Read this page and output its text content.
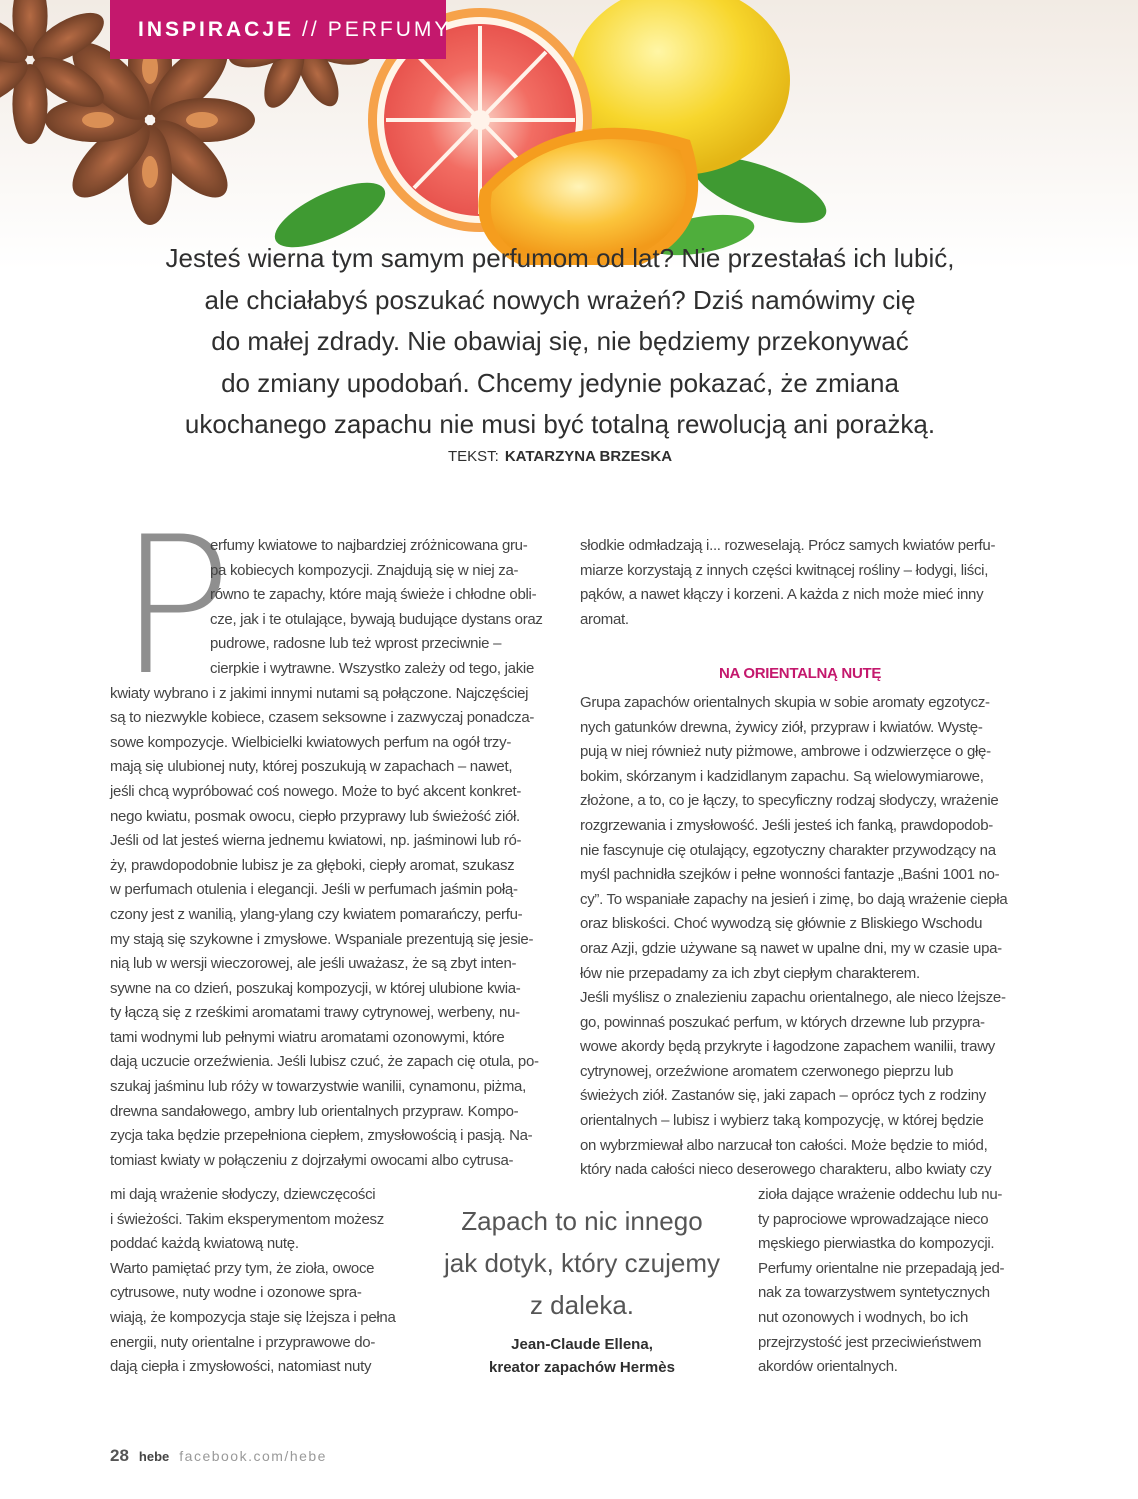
INSPIRACJE // PERFUMY
Jesteś wierna tym samym perfumom od lat? Nie przestałaś ich lubić,
ale chciałabyś poszukać nowych wrażeń? Dziś namówimy cię
do małej zdrady. Nie obawiaj się, nie będziemy przekonywać
do zmiany upodobań. Chcemy jedynie pokazać, że zmiana
ukochanego zapachu nie musi być totalną rewolucją ani porażką.
TEKST: KATARZYNA BRZESKA
P
erfumy kwiatowe to najbardziej zróżnicowana gru-
pa kobiecych kompozycji. Znajdują się w niej za-
równo te zapachy, które mają świeże i chłodne obli-
cze, jak i te otulające, bywają budujące dystans oraz
pudrowe, radosne lub też wprost przeciwnie –
cierpkie i wytrawne. Wszystko zależy od tego, jakie
kwiaty wybrano i z jakimi innymi nutami są połączone. Najczęściej
są to niezwykle kobiece, czasem seksowne i zazwyczaj ponadcza-
sowe kompozycje. Wielbicielki kwiatowych perfum na ogół trzy-
mają się ulubionej nuty, której poszukują w zapachach – nawet,
jeśli chcą wypróbować coś nowego. Może to być akcent konkret-
nego kwiatu, posmak owocu, ciepło przyprawy lub świeżość ziół.
Jeśli od lat jesteś wierna jednemu kwiatowi, np. jaśminowi lub ró-
ży, prawdopodobnie lubisz je za głęboki, ciepły aromat, szukasz
w perfumach otulenia i elegancji. Jeśli w perfumach jaśmin połą-
czony jest z wanilią, ylang-ylang czy kwiatem pomarańczy, perfu-
my stają się szykowne i zmysłowe. Wspaniale prezentują się jesie-
nią lub w wersji wieczorowej, ale jeśli uważasz, że są zbyt inten-
sywne na co dzień, poszukaj kompozycji, w której ulubione kwia-
ty łączą się z rześkimi aromatami trawy cytrynowej, werbeny, nu-
tami wodnymi lub pełnymi wiatru aromatami ozonowymi, które
dają uczucie orzeźwienia. Jeśli lubisz czuć, że zapach cię otula, po-
szukaj jaśminu lub róży w towarzystwie wanilii, cynamonu, piżma,
drewna sandałowego, ambry lub orientalnych przypraw. Kompo-
zycja taka będzie przepełniona ciepłem, zmysłowością i pasją. Na-
tomiast kwiaty w połączeniu z dojrzałymi owocami albo cytrusa-
mi dają wrażenie słodyczy, dziewczęcości
i świeżości. Takim eksperymentom możesz
poddać każdą kwiatową nutę.
Warto pamiętać przy tym, że zioła, owoce
cytrusowe, nuty wodne i ozonowe spra-
wiają, że kompozycja staje się lżejsza i pełna
energii, nuty orientalne i przyprawowe do-
dają ciepła i zmysłowości, natomiast nuty
słodkie odmładzają i... rozweselają. Prócz samych kwiatów perfu-
miarze korzystają z innych części kwitnącej rośliny – łodygi, liści,
pąków, a nawet kłączy i korzeni. A każda z nich może mieć inny
aromat.
NA ORIENTALNĄ NUTĘ
Grupa zapachów orientalnych skupia w sobie aromaty egzotycz-
nych gatunków drewna, żywicy ziół, przypraw i kwiatów. Wystę-
pują w niej również nuty piżmowe, ambrowe i odzwierzęce o głę-
bokim, skórzanym i kadzidlanym zapachu. Są wielowymiarowe,
złożone, a to, co je łączy, to specyficzny rodzaj słodyczy, wrażenie
rozgrzewania i zmysłowość. Jeśli jesteś ich fanką, prawdopodob-
nie fascynuje cię otulający, egzotyczny charakter przywodzący na
myśl pachnidła szejków i pełne wonności fantazje „Baśni 1001 no-
cy”. To wspaniałe zapachy na jesień i zimę, bo dają wrażenie ciepła
oraz bliskości. Choć wywodzą się głównie z Bliskiego Wschodu
oraz Azji, gdzie używane są nawet w upalne dni, my w czasie upa-
łów nie przepadamy za ich zbyt ciepłym charakterem.
Jeśli myślisz o znalezieniu zapachu orientalnego, ale nieco lżejsze-
go, powinnaś poszukać perfum, w których drzewne lub przypra-
wowe akordy będą przykryte i łagodzone zapachem wanilii, trawy
cytrynowej, orzeźwione aromatem czerwonego pieprzu lub
świeżych ziół. Zastanów się, jaki zapach – oprócz tych z rodziny
orientalnych – lubisz i wybierz taką kompozycję, w której będzie
on wybrzmiewał albo narzucał ton całości. Może będzie to miód,
który nada całości nieco deserowego charakteru, albo kwiaty czy
zioła dające wrażenie oddechu lub nu-
ty paprociowe wprowadzające nieco
męskiego pierwiastka do kompozycji.
Perfumy orientalne nie przepadają jed-
nak za towarzystwem syntetycznych
nut ozonowych i wodnych, bo ich
przejrzystość jest przeciwieństwem
akordów orientalnych.
Zapach to nic innego
jak dotyk, który czujemy
z daleka.
Jean-Claude Ellena,
kreator zapachów Hermès
28 hebe facebook.com/hebe
